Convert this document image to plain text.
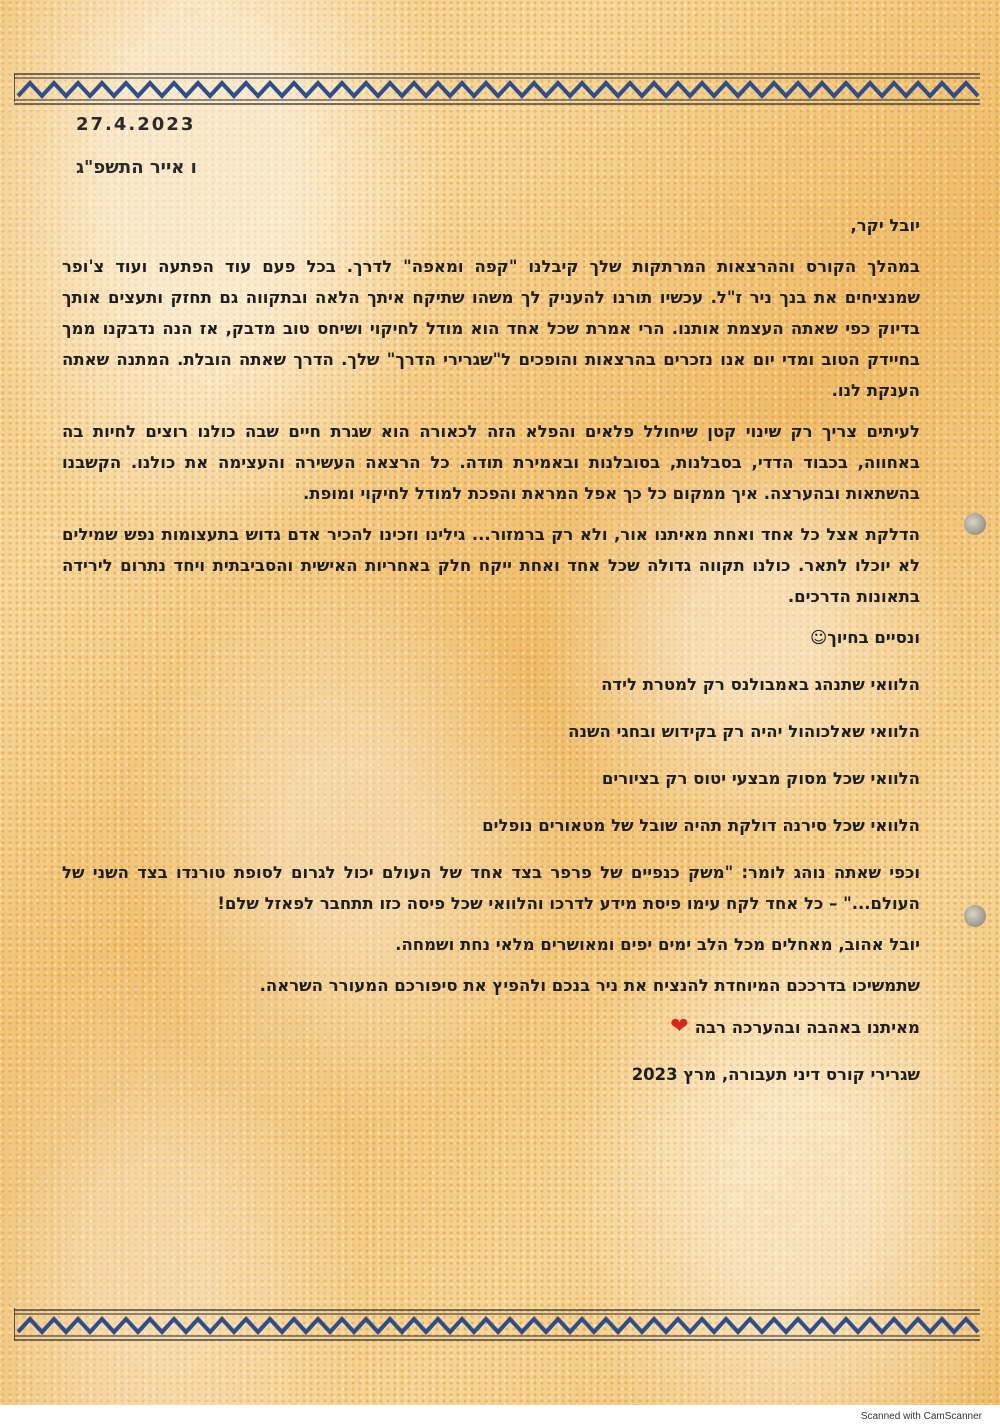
27.4.2023
ו אייר התשפ"ג

יובל יקר,

במהלך הקורס וההרצאות המרתקות שלך קיבלנו "קפה ומאפה" לדרך. בכל פעם עוד הפתעה ועוד צ'ופר שמנציחים את בנך ניר ז"ל. עכשיו תורנו להעניק לך משהו שתיקח איתך הלאה ובתקווה גם תחזק ותעצים אותך בדיוק כפי שאתה העצמת אותנו. הרי אמרת שכל אחד הוא מודל לחיקוי ושיחס טוב מדבק, אז הנה נדבקנו ממך בחיידק הטוב ומדי יום אנו נזכרים בהרצאות והופכים ל"שגרירי הדרך" שלך. הדרך שאתה הובלת. המתנה שאתה הענקת לנו.

לעיתים צריך רק שינוי קטן שיחולל פלאים והפלא הזה לכאורה הוא שגרת חיים שבה כולנו רוצים לחיות בה באחווה, בכבוד הדדי, בסבלנות, בסובלנות ובאמירת תודה. כל הרצאה העשירה והעצימה את כולנו. הקשבנו בהשתאות ובהערצה. איך ממקום כל כך אפל המראת והפכת למודל לחיקוי ומופת.

הדלקת אצל כל אחד ואחת מאיתנו אור, ולא רק ברמזור... גילינו וזכינו להכיר אדם גדוש בתעצומות נפש שמילים לא יוכלו לתאר. כולנו תקווה גדולה שכל אחד ואחת ייקח חלק באחריות האישית והסביבתית ויחד נתרום לירידה בתאונות הדרכים.

ונסיים בחיוך☺

הלוואי שתנהג באמבולנס רק למטרת לידה

הלוואי שאלכוהול יהיה רק בקידוש ובחגי השנה

הלוואי שכל מסוק מבצעי יטוס רק בציורים

הלוואי שכל סירנה דולקת תהיה שובל של מטאורים נופלים

וכפי שאתה נוהג לומר: "משק כנפיים של פרפר בצד אחד של העולם יכול לגרום לסופת טורנדו בצד השני של העולם..." – כל אחד לקח עימו פיסת מידע לדרכו והלוואי שכל פיסה כזו תתחבר לפאזל שלם!

יובל אהוב, מאחלים מכל הלב ימים יפים ומאושרים מלאי נחת ושמחה.

שתמשיכו בדרככם המיוחדת להנציח את ניר בנכם ולהפיץ את סיפורכם המעורר השראה.

מאיתנו באהבה ובהערכה רבה❤

שגרירי קורס דיני תעבורה, מרץ 2023

Scanned with CamScanner
